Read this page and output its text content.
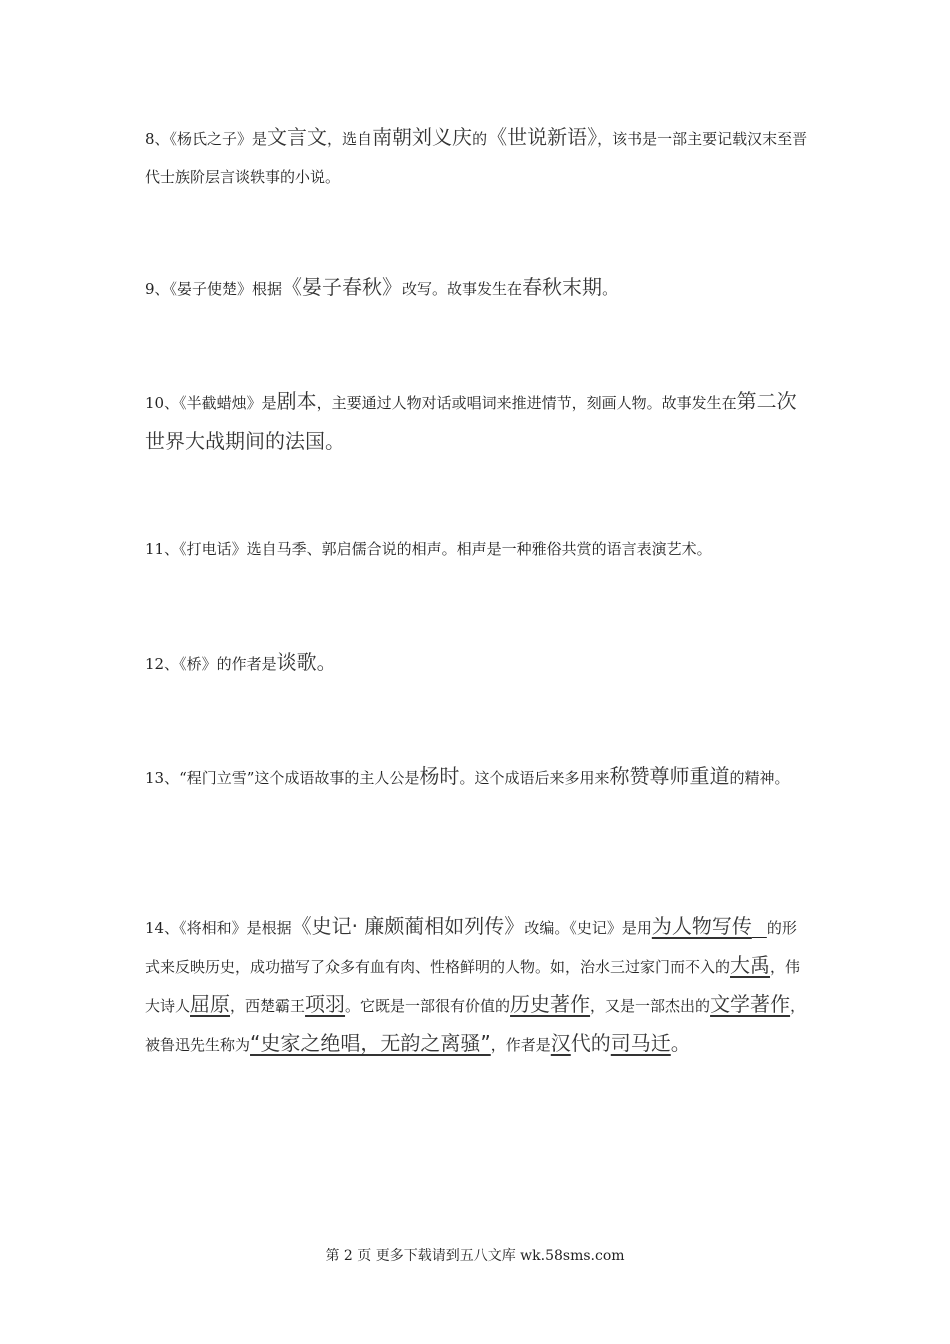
8、《杨氏之子》是文言文，选自南朝刘义庆的《世说新语》，该书是一部主要记载汉末至晋代士族阶层言谈轶事的小说。
9、《晏子使楚》根据《晏子春秋》改写。故事发生在春秋末期。
10、《半截蜡烛》是剧本，主要通过人物对话或唱词来推进情节，刻画人物。故事发生在第二次世界大战期间的法国。
11、《打电话》选自马季、郭启儒合说的相声。相声是一种雅俗共赏的语言表演艺术。
12、《桥》的作者是谈歌。
13、“程门立雪”这个成语故事的主人公是杨时。这个成语后来多用来称赞尊师重道的精神。
14、《将相和》是根据《史记· 廉颇蔺相如列传》改编。《史记》是用为人物写传  的形式来反映历史，成功描写了众多有血有肉、性格鲜明的人物。如，治水三过家门而不入的大禹，伟大诗人屈原，西楚霸王项羽。它既是一部很有价值的历史著作，又是一部杰出的文学著作，被鲁迅先生称为“史家之绝唱，无韵之离骚”，作者是汉代的司马迁。
第 2 页 更多下载请到五八文库 wk.58sms.com
